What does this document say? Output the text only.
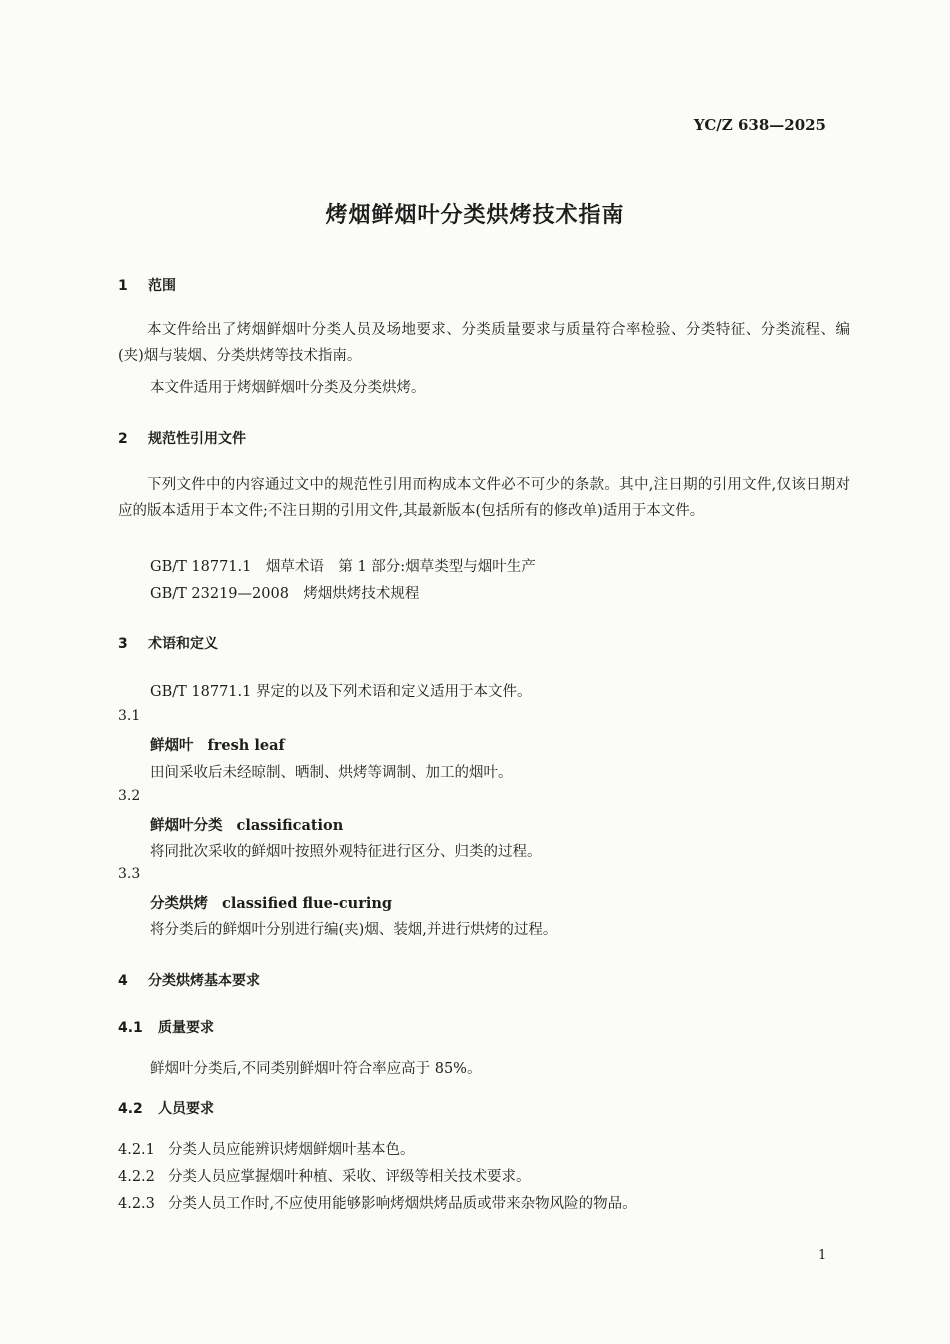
YC/Z 638—2025
烤烟鲜烟叶分类烘烤技术指南
1 范围
本文件给出了烤烟鲜烟叶分类人员及场地要求、分类质量要求与质量符合率检验、分类特征、分类流程、编(夹)烟与装烟、分类烘烤等技术指南。
本文件适用于烤烟鲜烟叶分类及分类烘烤。
2 规范性引用文件
下列文件中的内容通过文中的规范性引用而构成本文件必不可少的条款。其中,注日期的引用文件,仅该日期对应的版本适用于本文件;不注日期的引用文件,其最新版本(包括所有的修改单)适用于本文件。
GB/T 18771.1　烟草术语　第 1 部分:烟草类型与烟叶生产
GB/T 23219—2008　烤烟烘烤技术规程
3 术语和定义
GB/T 18771.1 界定的以及下列术语和定义适用于本文件。
3.1
鲜烟叶 fresh leaf
田间采收后未经晾制、晒制、烘烤等调制、加工的烟叶。
3.2
鲜烟叶分类 classification
将同批次采收的鲜烟叶按照外观特征进行区分、归类的过程。
3.3
分类烘烤 classified flue-curing
将分类后的鲜烟叶分别进行编(夹)烟、装烟,并进行烘烤的过程。
4 分类烘烤基本要求
4.1 质量要求
鲜烟叶分类后,不同类别鲜烟叶符合率应高于 85%。
4.2 人员要求
4.2.1 分类人员应能辨识烤烟鲜烟叶基本色。
4.2.2 分类人员应掌握烟叶种植、采收、评级等相关技术要求。
4.2.3 分类人员工作时,不应使用能够影响烤烟烘烤品质或带来杂物风险的物品。
1
